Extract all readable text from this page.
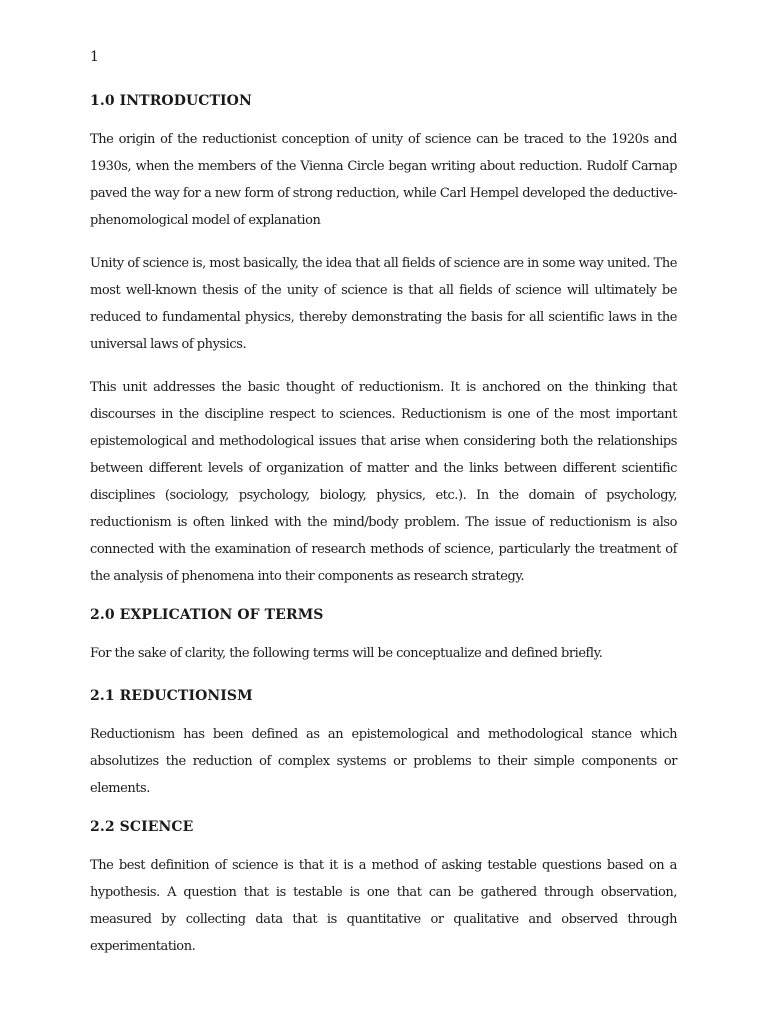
1
1.0 INTRODUCTION

The origin of the reductionist conception of unity of science can be traced to the 1920s and 1930s, when the members of the Vienna Circle began writing about reduction. Rudolf Carnap paved the way for a new form of strong reduction, while Carl Hempel developed the deductive-phenomological model of explanation

Unity of science is, most basically, the idea that all fields of science are in some way united. The most well-known thesis of the unity of science is that all fields of science will ultimately be reduced to fundamental physics, thereby demonstrating the basis for all scientific laws in the universal laws of physics.

This unit addresses the basic thought of reductionism. It is anchored on the thinking that discourses in the discipline respect to sciences. Reductionism is one of the most important epistemological and methodological issues that arise when considering both the relationships between different levels of organization of matter and the links between different scientific disciplines (sociology, psychology, biology, physics, etc.). In the domain of psychology, reductionism is often linked with the mind/body problem. The issue of reductionism is also connected with the examination of research methods of science, particularly the treatment of the analysis of phenomena into their components as research strategy.

2.0 EXPLICATION OF TERMS

For the sake of clarity, the following terms will be conceptualize and defined briefly.

2.1 REDUCTIONISM

Reductionism has been defined as an epistemological and methodological stance which absolutizes the reduction of complex systems or problems to their simple components or elements.

2.2 SCIENCE

The best definition of science is that it is a method of asking testable questions based on a hypothesis. A question that is testable is one that can be gathered through observation, measured by collecting data that is quantitative or qualitative and observed through experimentation.
